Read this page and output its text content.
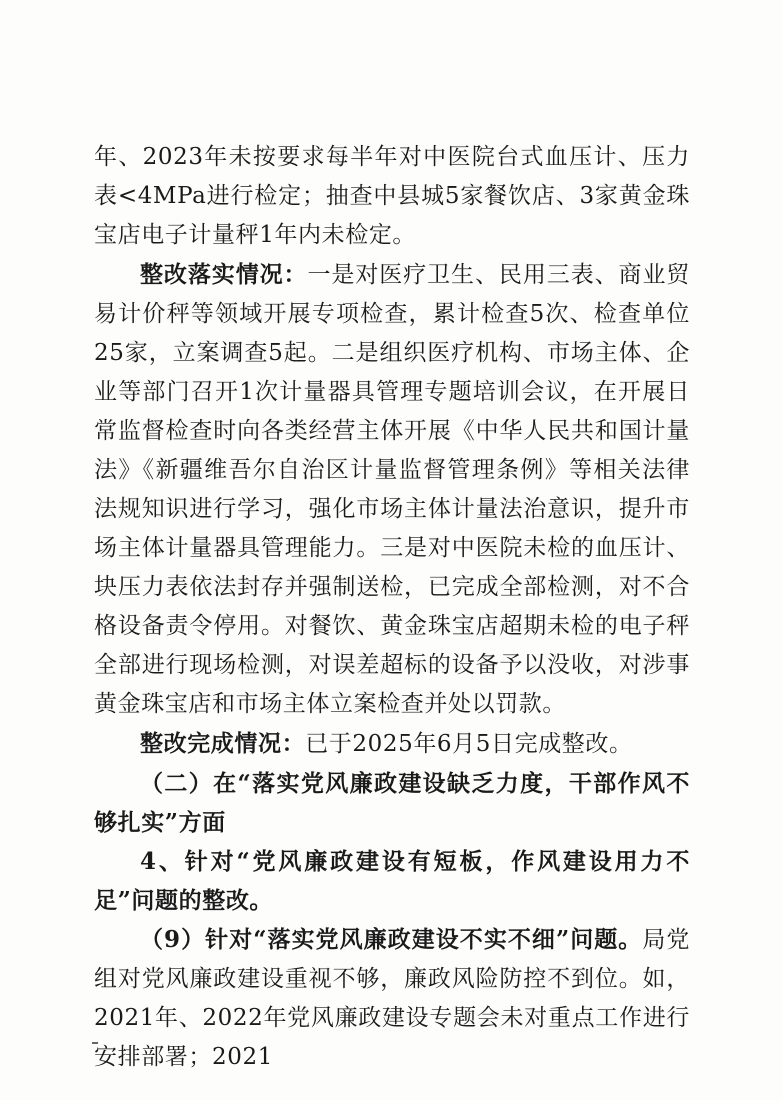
年、2023年未按要求每半年对中医院台式血压计、压力表<4MPa进行检定；抽查中县城5家餐饮店、3家黄金珠宝店电子计量秤1年内未检定。

整改落实情况：一是对医疗卫生、民用三表、商业贸易计价秤等领域开展专项检查，累计检查5次、检查单位25家，立案调查5起。二是组织医疗机构、市场主体、企业等部门召开1次计量器具管理专题培训会议，在开展日常监督检查时向各类经营主体开展《中华人民共和国计量法》《新疆维吾尔自治区计量监督管理条例》等相关法律法规知识进行学习，强化市场主体计量法治意识，提升市场主体计量器具管理能力。三是对中医院未检的血压计、块压力表依法封存并强制送检，已完成全部检测，对不合格设备责令停用。对餐饮、黄金珠宝店超期未检的电子秤全部进行现场检测，对误差超标的设备予以没收，对涉事黄金珠宝店和市场主体立案检查并处以罚款。

整改完成情况：已于2025年6月5日完成整改。

（二）在“落实党风廉政建设缺乏力度，干部作风不够扎实”方面

4、针对“党风廉政建设有短板，作风建设用力不足”问题的整改。

（9）针对“落实党风廉政建设不实不细”问题。局党组对党风廉政建设重视不够，廉政风险防控不到位。如，2021年、2022年党风廉政建设专题会未对重点工作进行安排部署；2021
